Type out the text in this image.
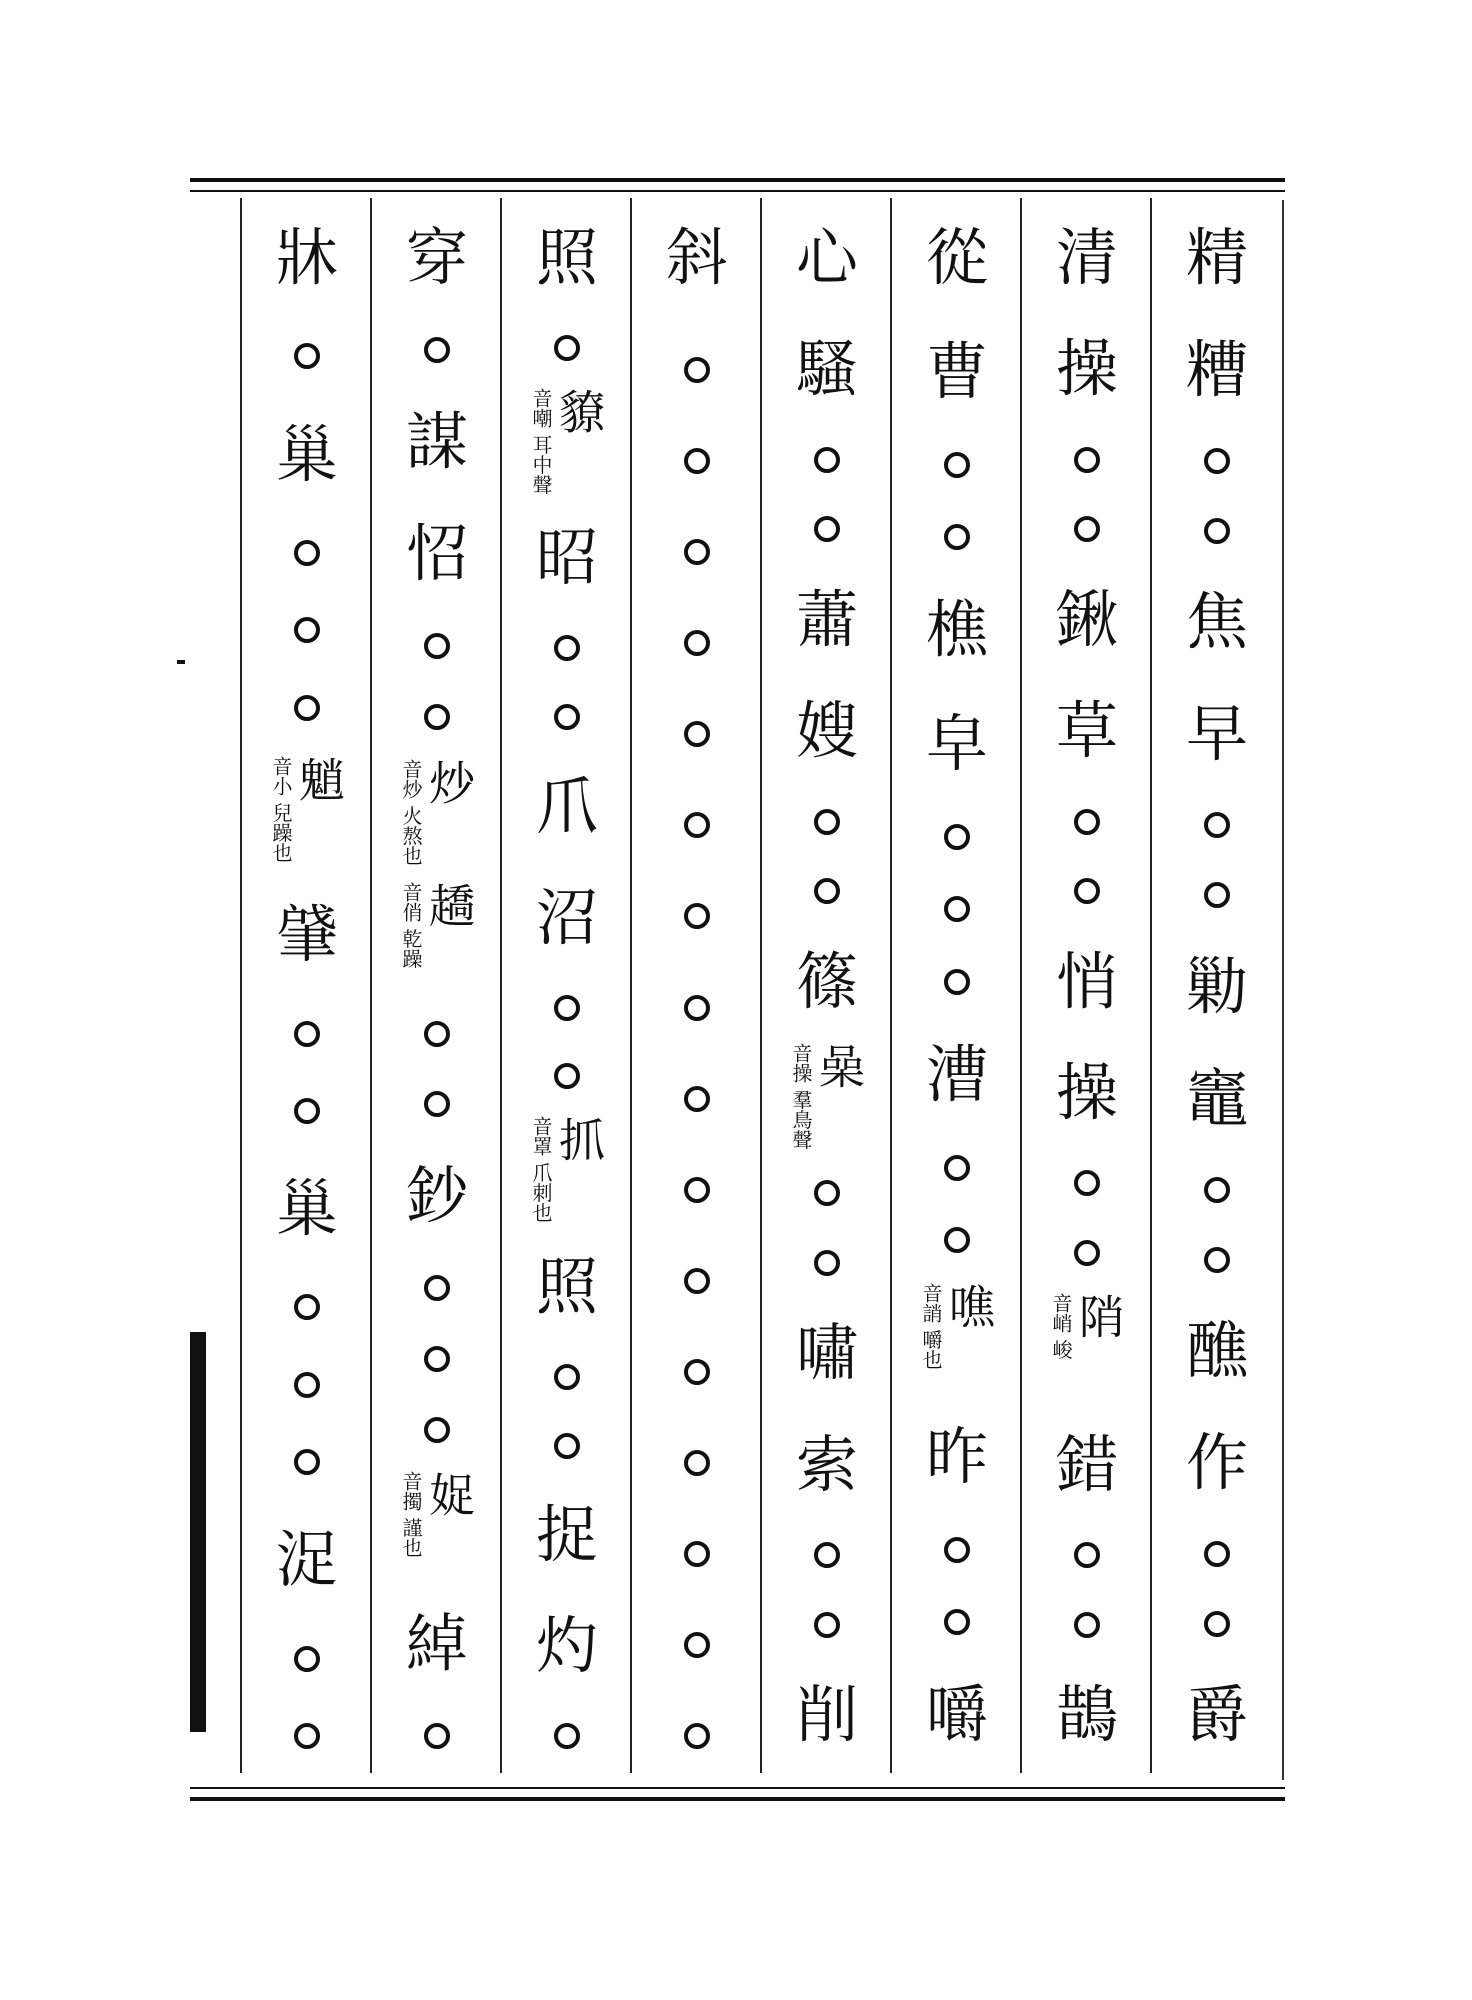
精
糟
焦
早
勦
竈
醮
作
爵
清
操
鍬
草
悄
操
陗
音峭 峻
錯
鵲
從
曹
樵
皁
漕
噍
音誚 嚼也
昨
嚼
心
騷
蕭
嫂
篠
喿
音操 羣鳥聲
嘯
索
削
斜
照
䝤
音嘲 耳中聲
昭
爪
沼
抓
音罩 爪刺也
照
捉
灼
穿
謀
怊
炒
音炒 火熬也
趫
音俏 乾躁
鈔
娖
音擉 謹也
綽
牀
巢
魈
音小 兒躁也
肈
巢
浞
